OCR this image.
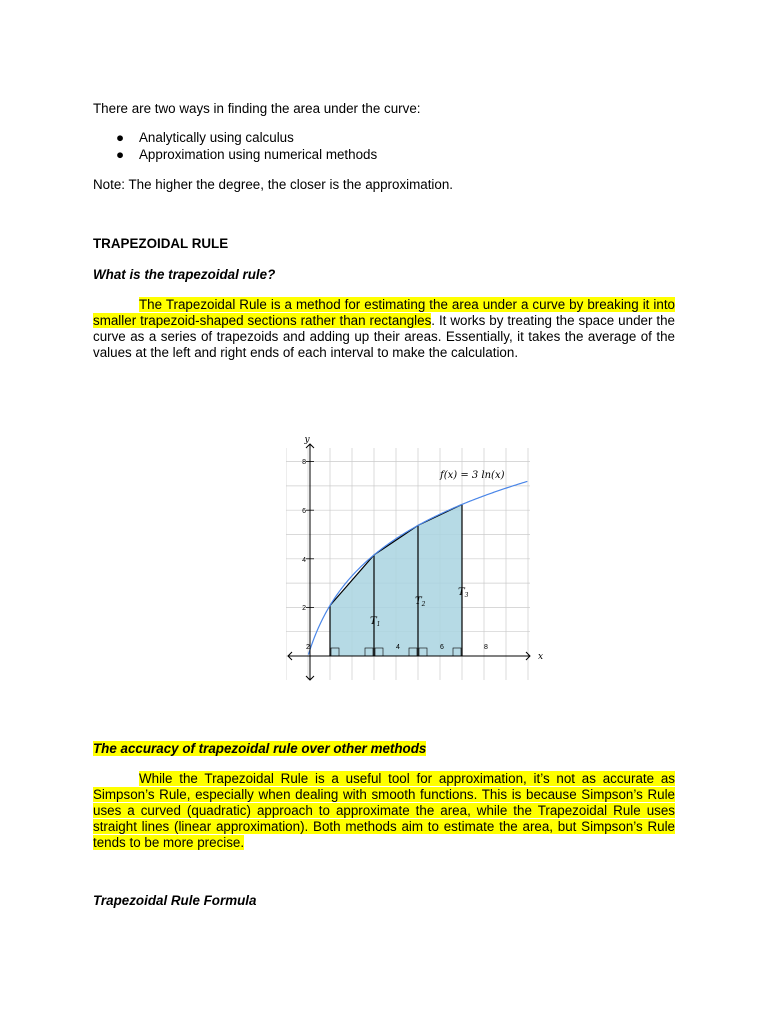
There are two ways in finding the area under the curve:

● Analytically using calculus
● Approximation using numerical methods

Note: The higher the degree, the closer is the approximation.

TRAPEZOIDAL RULE

What is the trapezoidal rule?

The Trapezoidal Rule is a method for estimating the area under a curve by breaking it into smaller trapezoid-shaped sections rather than rectangles. It works by treating the space under the curve as a series of trapezoids and adding up their areas. Essentially, it takes the average of the values at the left and right ends of each interval to make the calculation.

2	4	6	8
2
4
6
8
x
y
f(x) = 3 ln(x)
$T_1$
$T_2$
$T_3$

The accuracy of trapezoidal rule over other methods

While the Trapezoidal Rule is a useful tool for approximation, it’s not as accurate as Simpson’s Rule, especially when dealing with smooth functions. This is because Simpson’s Rule uses a curved (quadratic) approach to approximate the area, while the Trapezoidal Rule uses straight lines (linear approximation). Both methods aim to estimate the area, but Simpson’s Rule tends to be more precise.

Trapezoidal Rule Formula
